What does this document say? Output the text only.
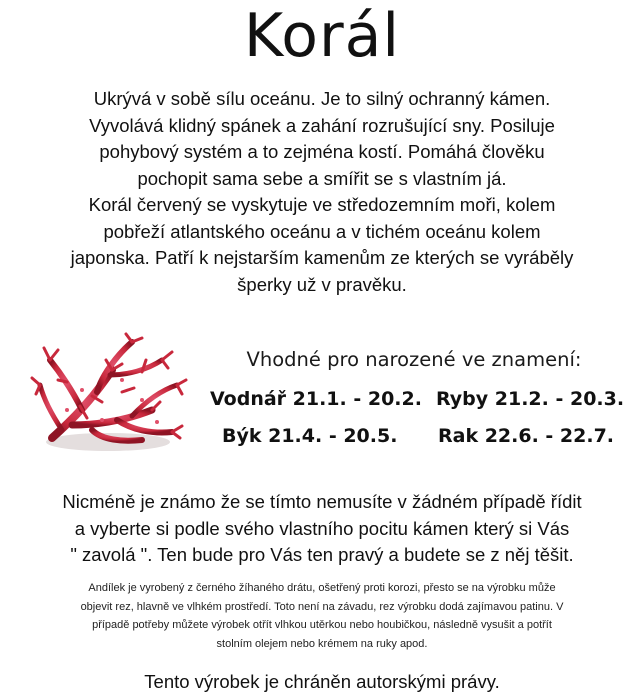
Korál

Ukrývá v sobě sílu oceánu. Je to silný ochranný kámen.

Vyvolává klidný spánek a zahání rozrušující sny. Posiluje

pohybový systém a to zejména kostí. Pomáhá člověku

pochopit sama sebe a smířit se s vlastním já.

Korál červený se vyskytuje ve středozemním moři, kolem

pobřeží atlantského oceánu a v tichém oceánu kolem

japonska. Patří k nejstarším kamenům ze kterých se vyráběly

šperky už v pravěku.

Vhodné pro narozené ve znamení:
Vodnář 21.1. - 20.2. Ryby 21.2. - 20.3.
Býk 21.4. - 20.5. Rak 22.6. - 22.7.
Nicméně je známo že se tímto nemusíte v žádném případě řídit
a vyberte si podle svého vlastního pocitu kámen který si Vás
" zavolá ". Ten bude pro Vás ten pravý a budete se z něj těšit.
Andílek je vyrobený z černého žíhaného drátu, ošetřený proti korozi, přesto se na výrobku může
objevit rez, hlavně ve vlhkém prostředí. Toto není na závadu, rez výrobku dodá zajímavou patinu. V
případě potřeby můžete výrobek otřít vlhkou utěrkou nebo houbičkou, následně vysušit a potřít
stolním olejem nebo krémem na ruky apod.
Tento výrobek je chráněn autorskými právy.
